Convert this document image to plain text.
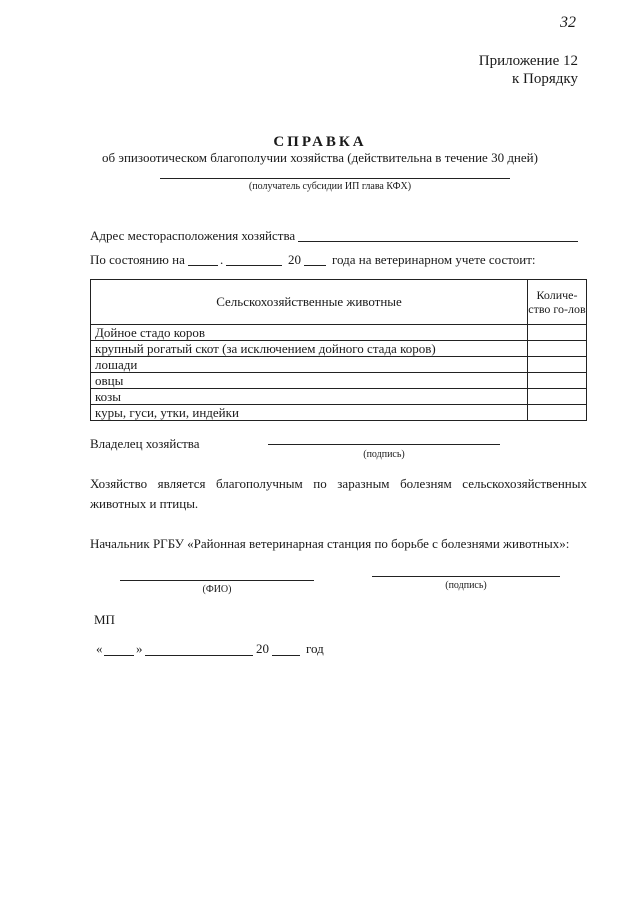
32
Приложение 12
к Порядку
СПРАВКА
об эпизоотическом благополучии хозяйства (действительна в течение 30 дней)
(получатель субсидии ИП глава КФХ)
Адрес месторасположения хозяйства
По состоянию на	.	20 года на ветеринарном учете состоит:
Сельскохозяйственные животные	Количе-ство го-лов
Дойное стадо коров	
крупный рогатый скот (за исключением дойного стада коров)	
лошади	
овцы	
козы	
куры, гуси, утки, индейки	
Владелец хозяйства
(подпись)
Хозяйство является благополучным по заразным болезням сельскохозяйственных животных и птицы.
Начальник РГБУ «Районная ветеринарная станция по борьбе с болезнями животных»:
(ФИО)	(подпись)
МП
«	»	20	год
